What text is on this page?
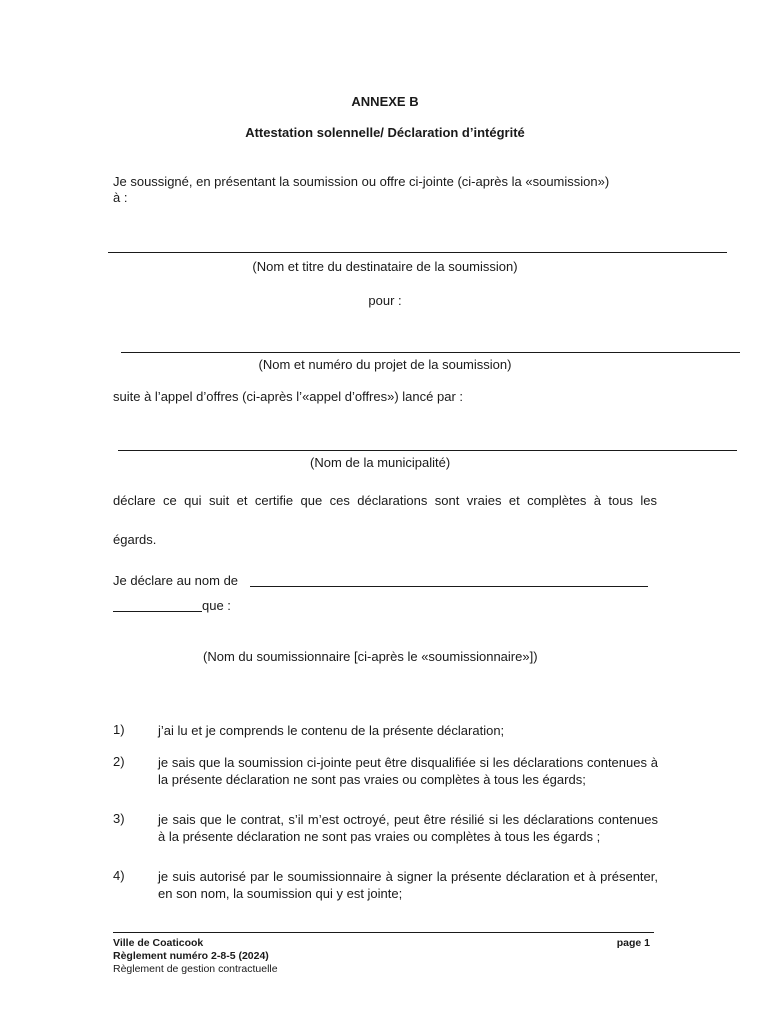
ANNEXE B
Attestation solennelle/ Déclaration d’intégrité
Je soussigné, en présentant la soumission ou offre ci-jointe (ci-après la «soumission»)
à :
(Nom et titre du destinataire de la soumission)
pour :
(Nom et numéro du projet de la soumission)
suite à l’appel d’offres (ci-après l’«appel d’offres») lancé par :
(Nom de la municipalité)
déclare ce qui suit et certifie que ces déclarations sont vraies et complètes à tous les
égards.
Je déclare au nom de
que :
(Nom du soumissionnaire [ci-après le «soumissionnaire»])
1)	j’ai lu et je comprends le contenu de la présente déclaration;
2)	je sais que la soumission ci-jointe peut être disqualifiée si les déclarations contenues à la présente déclaration ne sont pas vraies ou complètes à tous les égards;
3)	je sais que le contrat, s’il m’est octroyé, peut être résilié si les déclarations contenues à la présente déclaration ne sont pas vraies ou complètes à tous les égards ;
4)	je suis autorisé par le soumissionnaire à signer la présente déclaration et à présenter, en son nom, la soumission qui y est jointe;
Ville de Coaticook	page 1
Règlement numéro 2-8-5 (2024)
Règlement de gestion contractuelle
